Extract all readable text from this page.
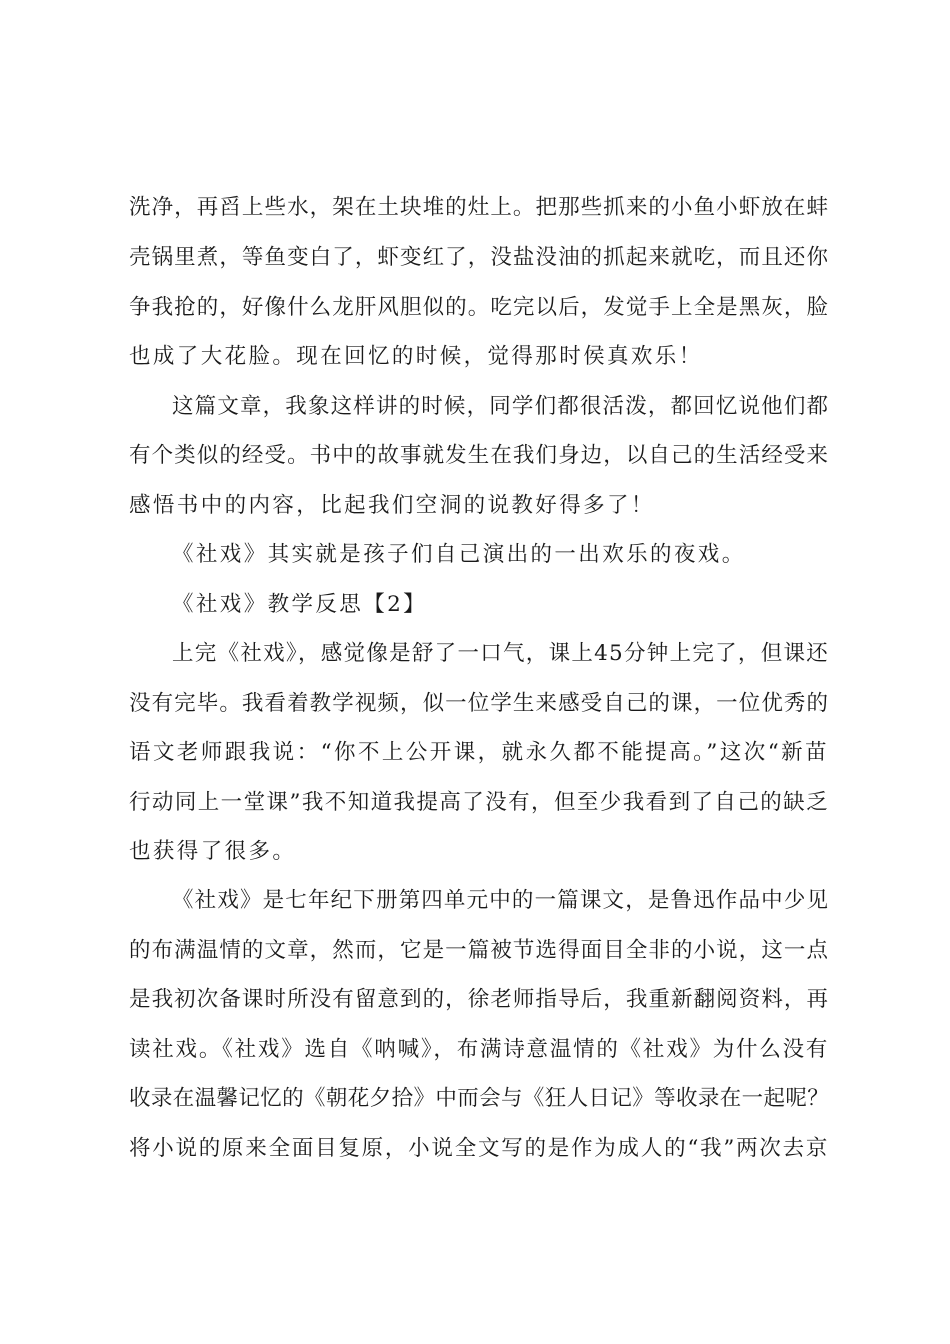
洗净，再舀上些水，架在土块堆的灶上。把那些抓来的小鱼小虾放在蚌
壳锅里煮，等鱼变白了，虾变红了，没盐没油的抓起来就吃，而且还你
争我抢的，好像什么龙肝风胆似的。吃完以后，发觉手上全是黑灰，脸
也成了大花脸。现在回忆的时候，觉得那时侯真欢乐！
这篇文章，我象这样讲的时候，同学们都很活泼，都回忆说他们都
有个类似的经受。书中的故事就发生在我们身边，以自己的生活经受来
感悟书中的内容，比起我们空洞的说教好得多了！
《社戏》其实就是孩子们自己演出的一出欢乐的夜戏。
《社戏》教学反思【2】
上完《社戏》，感觉像是舒了一口气，课上45分钟上完了，但课还
没有完毕。我看着教学视频，似一位学生来感受自己的课，一位优秀的
语文老师跟我说：“你不上公开课，就永久都不能提高。”这次“新苗
行动同上一堂课”我不知道我提高了没有，但至少我看到了自己的缺乏
也获得了很多。
《社戏》是七年纪下册第四单元中的一篇课文，是鲁迅作品中少见
的布满温情的文章，然而，它是一篇被节选得面目全非的小说，这一点
是我初次备课时所没有留意到的，徐老师指导后，我重新翻阅资料，再
读社戏。《社戏》选自《呐喊》，布满诗意温情的《社戏》为什么没有
收录在温馨记忆的《朝花夕拾》中而会与《狂人日记》等收录在一起呢？
将小说的原来全面目复原，小说全文写的是作为成人的“我”两次去京
